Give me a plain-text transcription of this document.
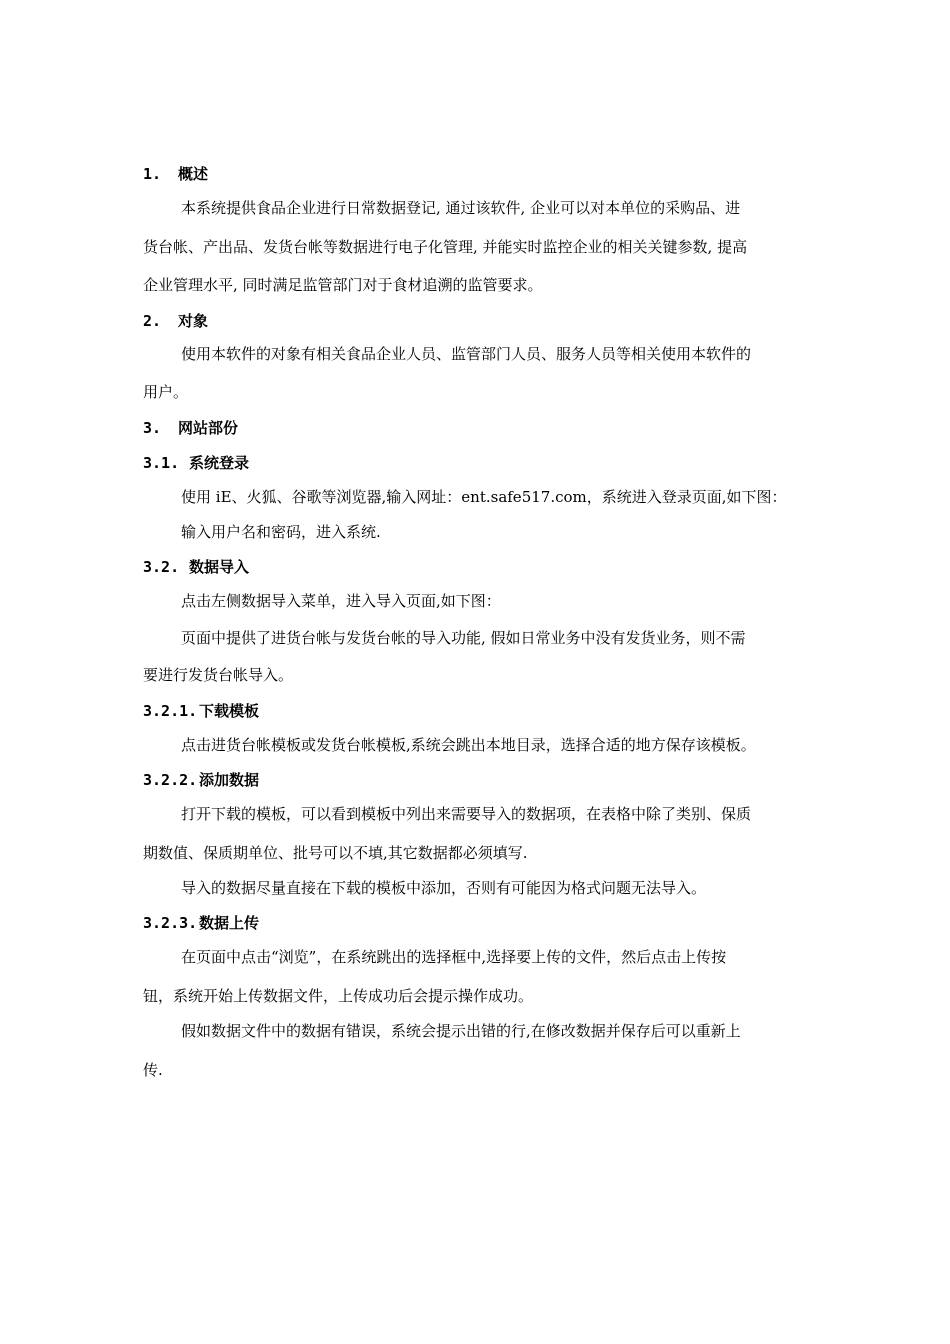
1. 概述
本系统提供食品企业进行日常数据登记, 通过该软件, 企业可以对本单位的采购品、进
货台帐、产出品、发货台帐等数据进行电子化管理, 并能实时监控企业的相关关键参数, 提高
企业管理水平, 同时满足监管部门对于食材追溯的监管要求。
2. 对象
使用本软件的对象有相关食品企业人员、监管部门人员、服务人员等相关使用本软件的
用户。
3. 网站部份
3.1. 系统登录
使用 iE、火狐、谷歌等浏览器,输入网址：ent.safe517.com，系统进入登录页面,如下图：
输入用户名和密码，进入系统.
3.2. 数据导入
点击左侧数据导入菜单，进入导入页面,如下图：
页面中提供了进货台帐与发货台帐的导入功能, 假如日常业务中没有发货业务，则不需
要进行发货台帐导入。
3.2.1. 下载模板
点击进货台帐模板或发货台帐模板,系统会跳出本地目录，选择合适的地方保存该模板。
3.2.2. 添加数据
打开下载的模板，可以看到模板中列出来需要导入的数据项，在表格中除了类别、保质
期数值、保质期单位、批号可以不填,其它数据都必须填写.
导入的数据尽量直接在下载的模板中添加，否则有可能因为格式问题无法导入。
3.2.3. 数据上传
在页面中点击“浏览”，在系统跳出的选择框中,选择要上传的文件，然后点击上传按
钮，系统开始上传数据文件，上传成功后会提示操作成功。
假如数据文件中的数据有错误，系统会提示出错的行,在修改数据并保存后可以重新上
传.
